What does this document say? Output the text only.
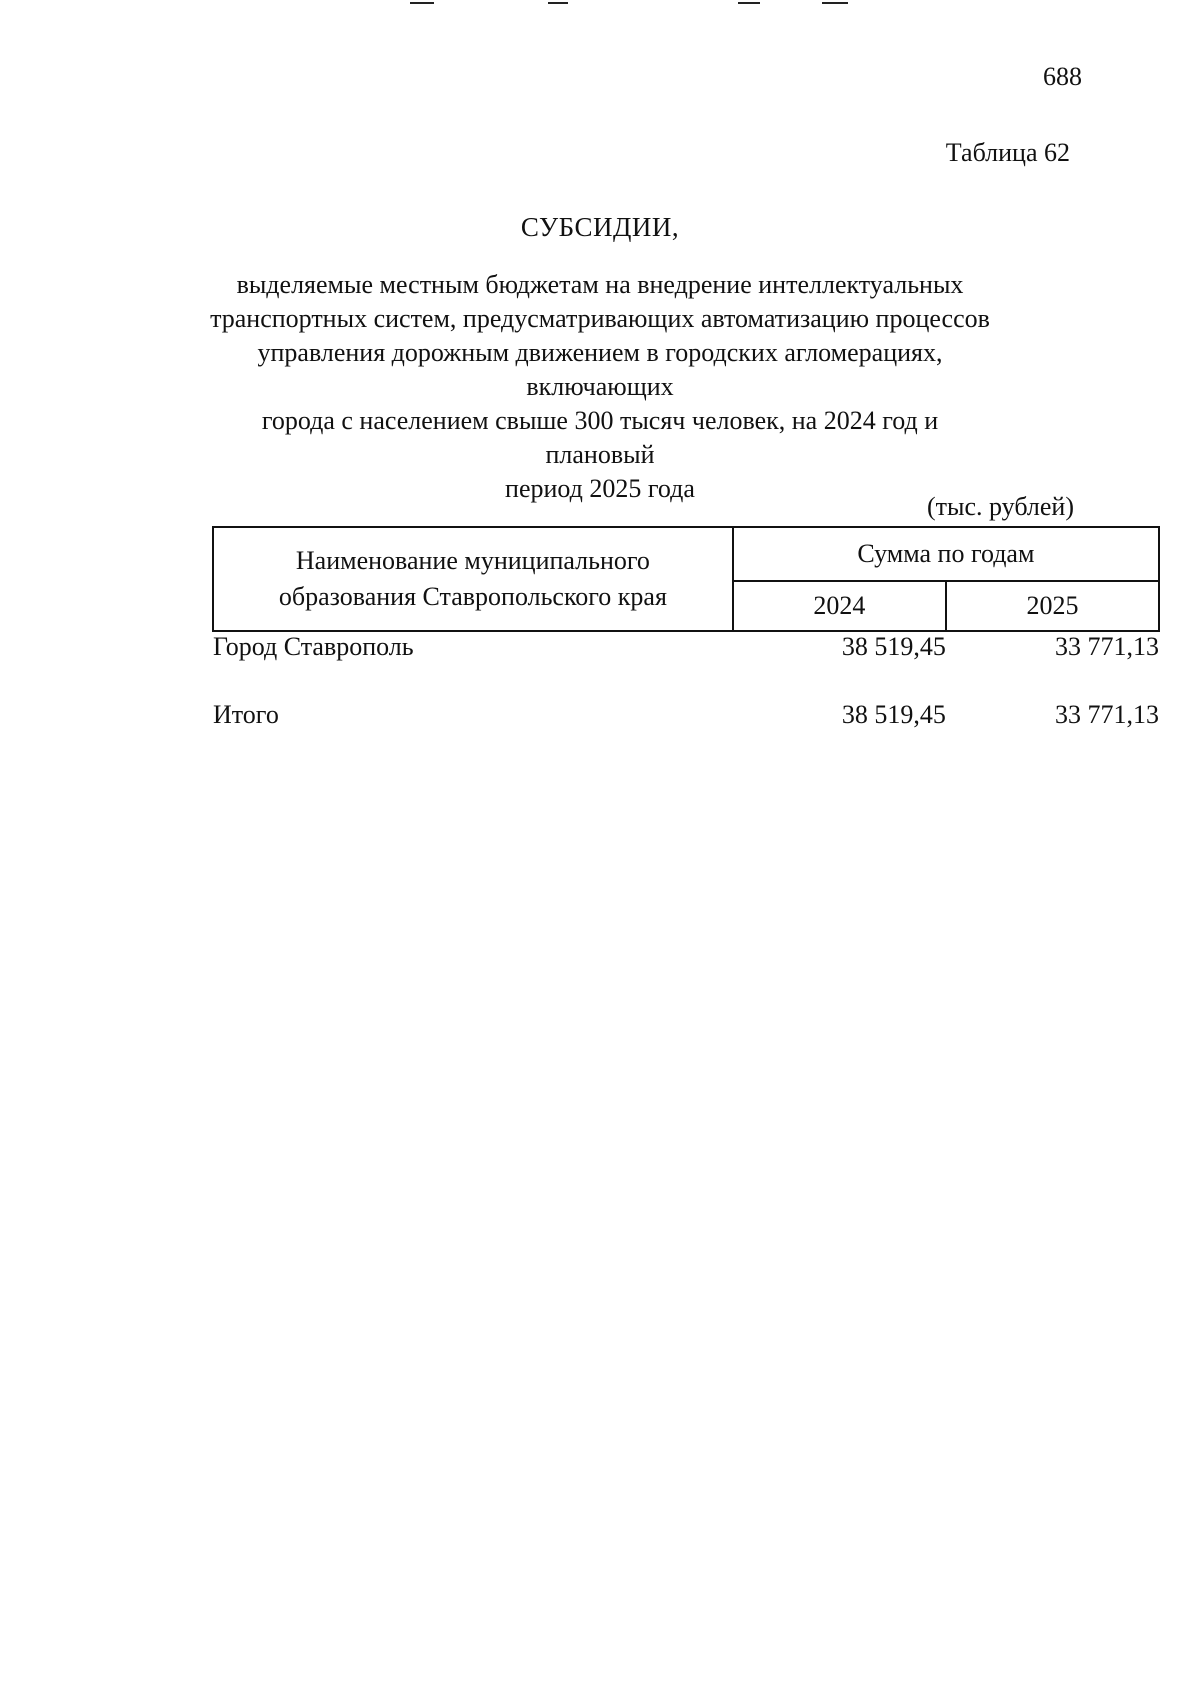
688
Таблица 62
СУБСИДИИ,
выделяемые местным бюджетам на внедрение интеллектуальных
транспортных систем, предусматривающих автоматизацию процессов
управления дорожным движением в городских агломерациях, включающих
города с населением свыше 300 тысяч человек, на 2024 год и плановый
период 2025 года
(тыс. рублей)
Наименование муниципального
образования Ставропольского края	Сумма по годам	
	2024	2025
Город Ставрополь	38 519,45	33 771,13

Итого	38 519,45	33 771,13
